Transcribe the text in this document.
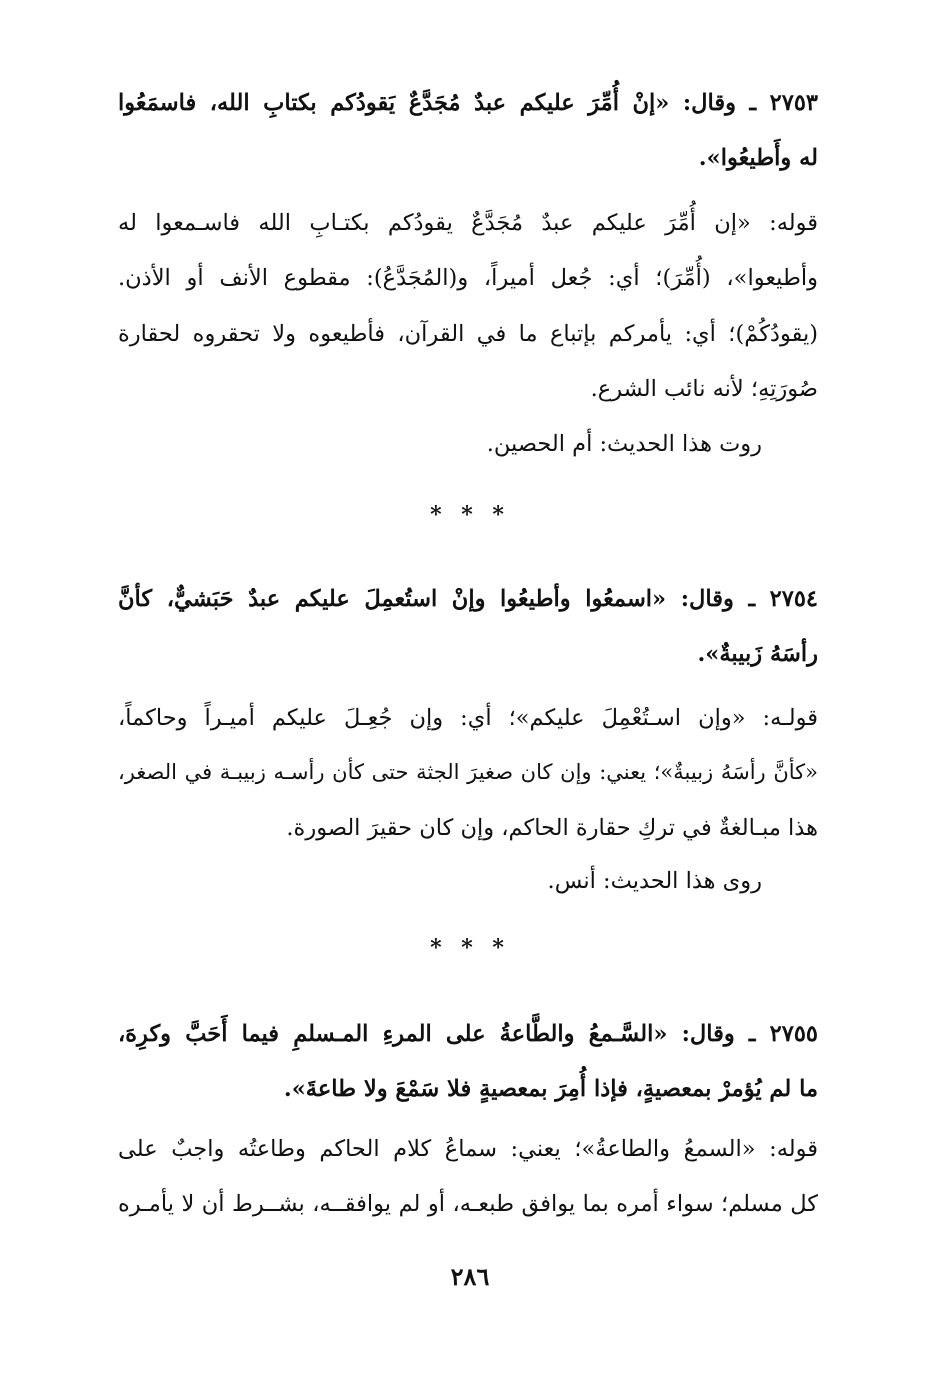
٢٧٥٣ ـ وقال: «إنْ أُمِّرَ عليكم عبدٌ مُجَدَّعٌ يَقودُكم بكتابِ الله، فاسمَعُوا
له وأَطيعُوا».
قوله: «إن أُمِّرَ عليكم عبدٌ مُجَدَّعٌ يقودُكم بكتـابِ الله فاسـمعوا له
وأطيعوا»، (أُمِّرَ)؛ أي: جُعل أميراً، و(المُجَدَّعُ): مقطوع الأنف أو الأذن.
(يقودُكُمْ)؛ أي: يأمركم بإتباع ما في القرآن، فأطيعوه ولا تحقروه لحقارة
صُورَتِهِ؛ لأنه نائب الشرع.
روت هذا الحديث: أم الحصين.
* * *
٢٧٥٤ ـ وقال: «اسمعُوا وأطيعُوا وإنْ استُعمِلَ عليكم عبدٌ حَبَشيٌّ، كأنَّ
رأسَهُ زَبيبةٌ».
قولـه: «وإن اسـتُعْمِلَ عليكم»؛ أي: وإن جُعِـلَ عليكم أميـراً وحاكماً،
«كأنَّ رأسَهُ زبيبةٌ»؛ يعني: وإن كان صغيرَ الجثة حتى كأن رأسـه زبيبـة في الصغر،
هذا مبـالغةٌ في تركِ حقارة الحاكم، وإن كان حقيرَ الصورة.
روى هذا الحديث: أنس.
* * *
٢٧٥٥ ـ وقال: «السَّـمعُ والطَّاعةُ على المرءِ المـسلمِ فيما أَحَبَّ وكرِهَ،
ما لم يُؤمرْ بمعصيةٍ، فإذا أُمِرَ بمعصيةٍ فلا سَمْعَ ولا طاعةَ».
قوله: «السمعُ والطاعةُ»؛ يعني: سماعُ كلام الحاكم وطاعتُه واجبٌ على
كل مسلم؛ سواء أمره بما يوافق طبعـه، أو لم يوافقــه، بشــرط أن لا يأمـره
٢٨٦
